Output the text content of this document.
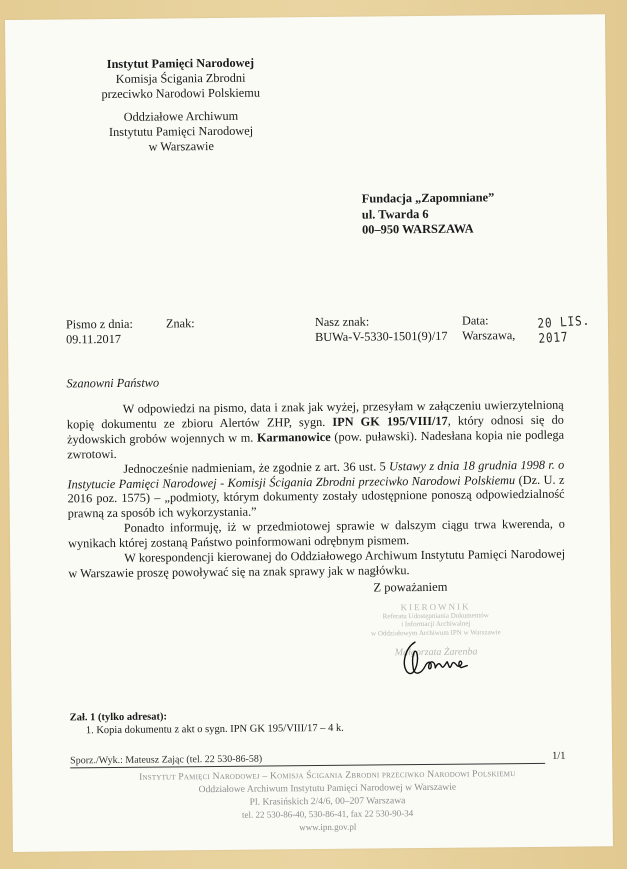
Instytut Pamięci Narodowej
Komisja Ścigania Zbrodni
przeciwko Narodowi Polskiemu
Oddziałowe Archiwum
Instytutu Pamięci Narodowej
w Warszawie
Fundacja „Zapomniane”
ul. Twarda 6
00–950 WARSZAWA
Pismo z dnia:
09.11.2017
Znak:	Nasz znak:
BUWa-V-5330-1501(9)/17
Data:
Warszawa,
20 LIS. 2017
Szanowni Państwo

W odpowiedzi na pismo, data i znak jak wyżej, przesyłam w załączeniu uwierzytelnioną kopię dokumentu ze zbioru Alertów ZHP, sygn. IPN GK 195/VIII/17, który odnosi się do żydowskich grobów wojennych w m. Karmanowice (pow. puławski). Nadesłana kopia nie podlega zwrotowi.

Jednocześnie nadmieniam, że zgodnie z art. 36 ust. 5 Ustawy z dnia 18 grudnia 1998 r. o Instytucie Pamięci Narodowej - Komisji Ścigania Zbrodni przeciwko Narodowi Polskiemu (Dz. U. z 2016 poz. 1575) – „podmioty, którym dokumenty zostały udostępnione ponoszą odpowiedzialność prawną za sposób ich wykorzystania.”

Ponadto informuję, iż w przedmiotowej sprawie w dalszym ciągu trwa kwerenda, o wynikach której zostaną Państwo poinformowani odrębnym pismem.

W korespondencji kierowanej do Oddziałowego Archiwum Instytutu Pamięci Narodowej w Warszawie proszę powoływać się na znak sprawy jak w nagłówku.

Z poważaniem
KIEROWNIK
Referatu Udostępniania Dokumentów
i Informacji Archiwalnej
w Oddziałowym Archiwum IPN w Warszawie
Małgorzata Żarenba
Zał. 1 (tylko adresat):
1. Kopia dokumentu z akt o sygn. IPN GK 195/VIII/17 – 4 k.
Sporz./Wyk.: Mateusz Zając (tel. 22 530-86-58)	1/1
Instytut Pamięci Narodowej – Komisja Ścigania Zbrodni przeciwko Narodowi Polskiemu
Oddziałowe Archiwum Instytutu Pamięci Narodowej w Warszawie
Pl. Krasińskich 2/4/6, 00–207 Warszawa
tel. 22 530-86-40, 530-86-41, fax 22 530-90-34
www.ipn.gov.pl
